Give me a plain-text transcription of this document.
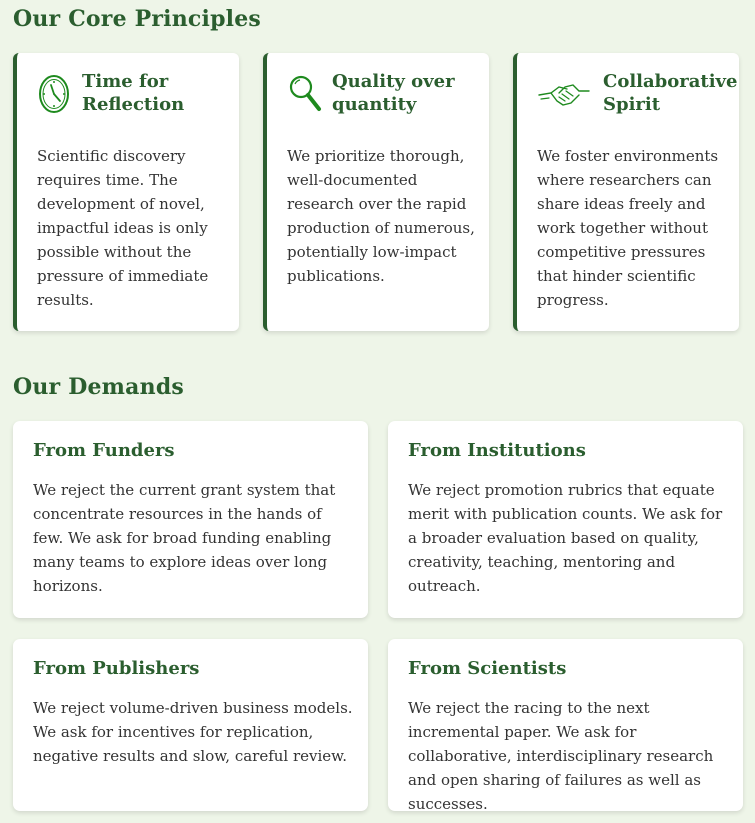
Our Core Principles
Time for Reflection

Scientific discovery requires time. The development of novel, impactful ideas is only possible without the pressure of immediate results.

Quality over quantity

We prioritize thorough, well-documented research over the rapid production of numerous, potentially low-impact publications.

Collaborative Spirit

We foster environments where researchers can share ideas freely and work together without competitive pressures that hinder scientific progress.

Our Demands
From Funders

We reject the current grant system that concentrate resources in the hands of few. We ask for broad funding enabling many teams to explore ideas over long horizons.

From Institutions

We reject promotion rubrics that equate merit with publication counts. We ask for a broader evaluation based on quality, creativity, teaching, mentoring and outreach.

From Publishers

We reject volume-driven business models. We ask for incentives for replication, negative results and slow, careful review.

From Scientists

We reject the racing to the next incremental paper. We ask for collaborative, interdisciplinary research and open sharing of failures as well as successes.
